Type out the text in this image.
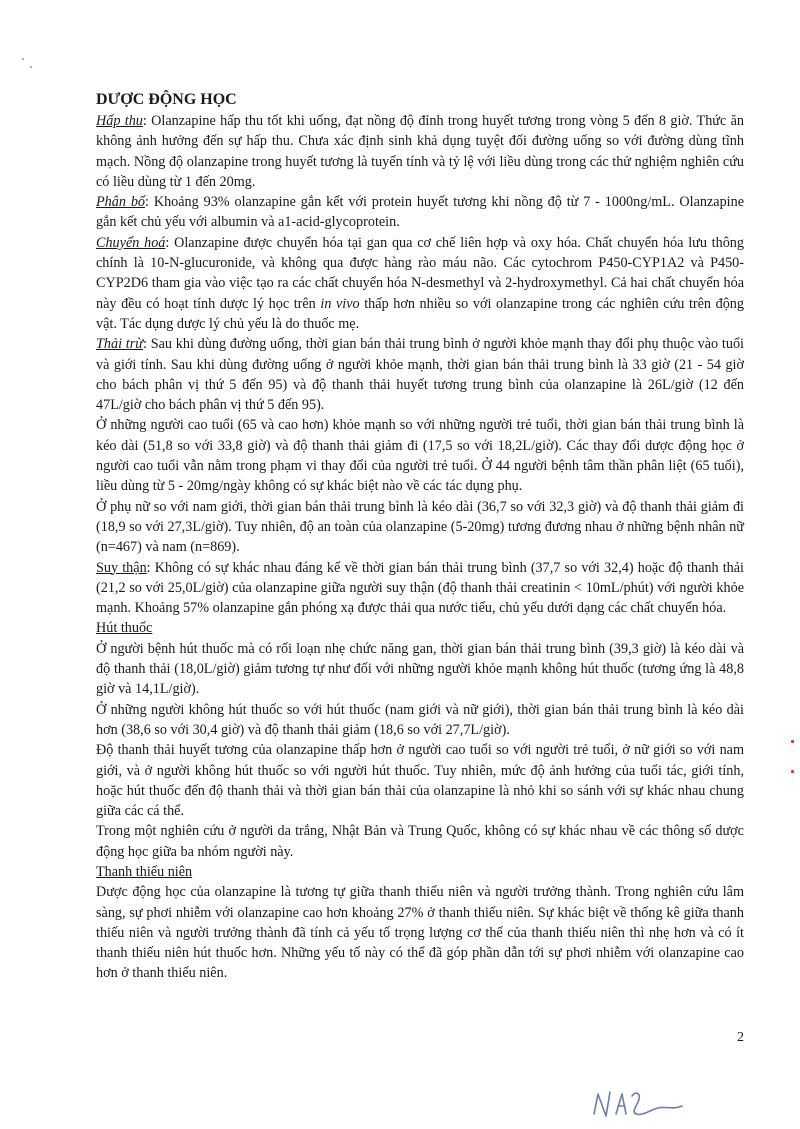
DƯỢC ĐỘNG HỌC

Hấp thu: Olanzapine hấp thu tốt khi uống, đạt nồng độ đỉnh trong huyết tương trong vòng 5 đến 8 giờ. Thức ăn không ảnh hưởng đến sự hấp thu. Chưa xác định sinh khả dụng tuyệt đối đường uống so với đường dùng tĩnh mạch. Nồng độ olanzapine trong huyết tương là tuyến tính và tỷ lệ với liều dùng trong các thử nghiệm nghiên cứu có liều dùng từ 1 đến 20mg.

Phân bố: Khoảng 93% olanzapine gắn kết với protein huyết tương khi nồng độ từ 7 - 1000ng/mL. Olanzapine gắn kết chủ yếu với albumin và a1-acid-glycoprotein.

Chuyển hoá: Olanzapine được chuyển hóa tại gan qua cơ chế liên hợp và oxy hóa. Chất chuyển hóa lưu thông chính là 10-N-glucuronide, và không qua được hàng rào máu não. Các cytochrom P450-CYP1A2 và P450-CYP2D6 tham gia vào việc tạo ra các chất chuyển hóa N-desmethyl và 2-hydroxymethyl. Cả hai chất chuyển hóa này đều có hoạt tính dược lý học trên in vivo thấp hơn nhiều so với olanzapine trong các nghiên cứu trên động vật. Tác dụng dược lý chủ yếu là do thuốc mẹ.

Thải trừ: Sau khi dùng đường uống, thời gian bán thải trung bình ở người khỏe mạnh thay đổi phụ thuộc vào tuổi và giới tính. Sau khi dùng đường uống ở người khỏe mạnh, thời gian bán thải trung bình là 33 giờ (21 - 54 giờ cho bách phân vị thứ 5 đến 95) và độ thanh thải huyết tương trung bình của olanzapine là 26L/giờ (12 đến 47L/giờ cho bách phân vị thứ 5 đến 95).

Ở những người cao tuổi (65 và cao hơn) khỏe mạnh so với những người trẻ tuổi, thời gian bán thải trung bình là kéo dài (51,8 so với 33,8 giờ) và độ thanh thải giảm đi (17,5 so với 18,2L/giờ). Các thay đổi dược động học ở người cao tuổi vẫn nằm trong phạm vi thay đổi của người trẻ tuổi. Ở 44 người bệnh tâm thần phân liệt (65 tuổi), liều dùng từ 5 - 20mg/ngày không có sự khác biệt nào về các tác dụng phụ.

Ở phụ nữ so với nam giới, thời gian bán thải trung bình là kéo dài (36,7 so với 32,3 giờ) và độ thanh thải giảm đi (18,9 so với 27,3L/giờ). Tuy nhiên, độ an toàn của olanzapine (5-20mg) tương đương nhau ở những bệnh nhân nữ (n=467) và nam (n=869).

Suy thận: Không có sự khác nhau đáng kể về thời gian bán thải trung bình (37,7 so với 32,4) hoặc độ thanh thải (21,2 so với 25,0L/giờ) của olanzapine giữa người suy thận (độ thanh thải creatinin < 10mL/phút) với người khỏe mạnh. Khoảng 57% olanzapine gắn phóng xạ được thải qua nước tiểu, chủ yếu dưới dạng các chất chuyển hóa.

Hút thuốc

Ở người bệnh hút thuốc mà có rối loạn nhẹ chức năng gan, thời gian bán thải trung bình (39,3 giờ) là kéo dài và độ thanh thải (18,0L/giờ) giảm tương tự như đối với những người khỏe mạnh không hút thuốc (tương ứng là 48,8 giờ và 14,1L/giờ).

Ở những người không hút thuốc so với hút thuốc (nam giới và nữ giới), thời gian bán thải trung bình là kéo dài hơn (38,6 so với 30,4 giờ) và độ thanh thải giảm (18,6 so với 27,7L/giờ).

Độ thanh thải huyết tương của olanzapine thấp hơn ở người cao tuổi so với người trẻ tuổi, ở nữ giới so với nam giới, và ở người không hút thuốc so với người hút thuốc. Tuy nhiên, mức độ ảnh hưởng của tuổi tác, giới tính, hoặc hút thuốc đến độ thanh thải và thời gian bán thải của olanzapine là nhỏ khi so sánh với sự khác nhau chung giữa các cá thể.

Trong một nghiên cứu ở người da trắng, Nhật Bản và Trung Quốc, không có sự khác nhau về các thông số dược động học giữa ba nhóm người này.

Thanh thiếu niên

Dược động học của olanzapine là tương tự giữa thanh thiếu niên và người trưởng thành. Trong nghiên cứu lâm sàng, sự phơi nhiễm với olanzapine cao hơn khoảng 27% ở thanh thiếu niên. Sự khác biệt về thống kê giữa thanh thiếu niên và người trưởng thành đã tính cả yếu tố trọng lượng cơ thể của thanh thiếu niên thì nhẹ hơn và có ít thanh thiếu niên hút thuốc hơn. Những yếu tố này có thể đã góp phần dẫn tới sự phơi nhiễm với olanzapine cao hơn ở thanh thiếu niên.

2
